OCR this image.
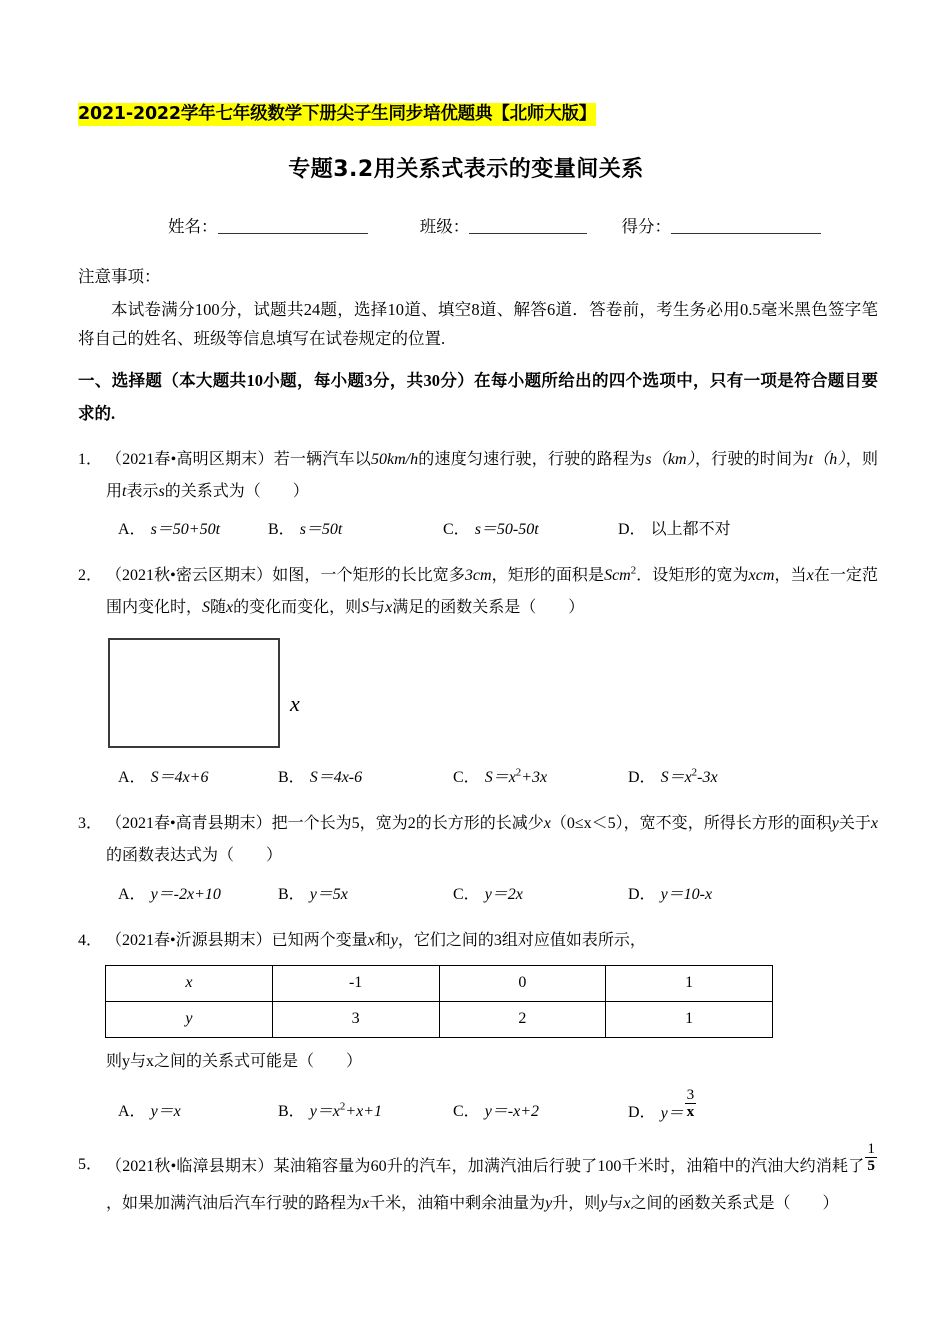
2021-2022学年七年级数学下册尖子生同步培优题典【北师大版】
专题3.2用关系式表示的变量间关系
姓名：	班级：	得分：
注意事项：
本试卷满分100分，试题共24题，选择10道、填空8道、解答6道．答卷前，考生务必用0.5毫米黑色签字笔将自己的姓名、班级等信息填写在试卷规定的位置.
一、选择题（本大题共10小题，每小题3分，共30分）在每小题所给出的四个选项中，只有一项是符合题目要求的.
1． （2021春•高明区期末）若一辆汽车以50km/h的速度匀速行驶，行驶的路程为s（km），行驶的时间为t（h），则用t表示s的关系式为（　　）
A． s＝50+50t	B． s＝50t	C． s＝50‑50t	D． 以上都不对
2． （2021秋•密云区期末）如图，一个矩形的长比宽多3cm，矩形的面积是Scm$^2$．设矩形的宽为xcm，当x在一定范围内变化时，S随x的变化而变化，则S与x满足的函数关系是（　　）
x
A． S＝4x+6	B． S＝4x‑6	C． $S=x^2+3x$	D． $S=x^2‑3x$
3． （2021春•高青县期末）把一个长为5，宽为2的长方形的长减少x（0≤x＜5），宽不变，所得长方形的面积y关于x的函数表达式为（　　）
A． y＝‑2x+10	B． y＝5x	C． y＝2x	D． y＝10‑x
4． （2021春•沂源县期末）已知两个变量x和y，它们之间的3组对应值如表所示，
x	‑1	0	1
y	3	2	1
则y与x之间的关系式可能是（　　）
A． y＝x	B． $y=x^2+x+1$	C． y＝‑x+2	D． $y= \frac{3}{x}$
5． （2021秋•临漳县期末）某油箱容量为60升的汽车，加满汽油后行驶了100千米时，油箱中的汽油大约消耗了 $\frac{1}{5}$
，如果加满汽油后汽车行驶的路程为x千米，油箱中剩余油量为y升，则y与x之间的函数关系式是（　　）
